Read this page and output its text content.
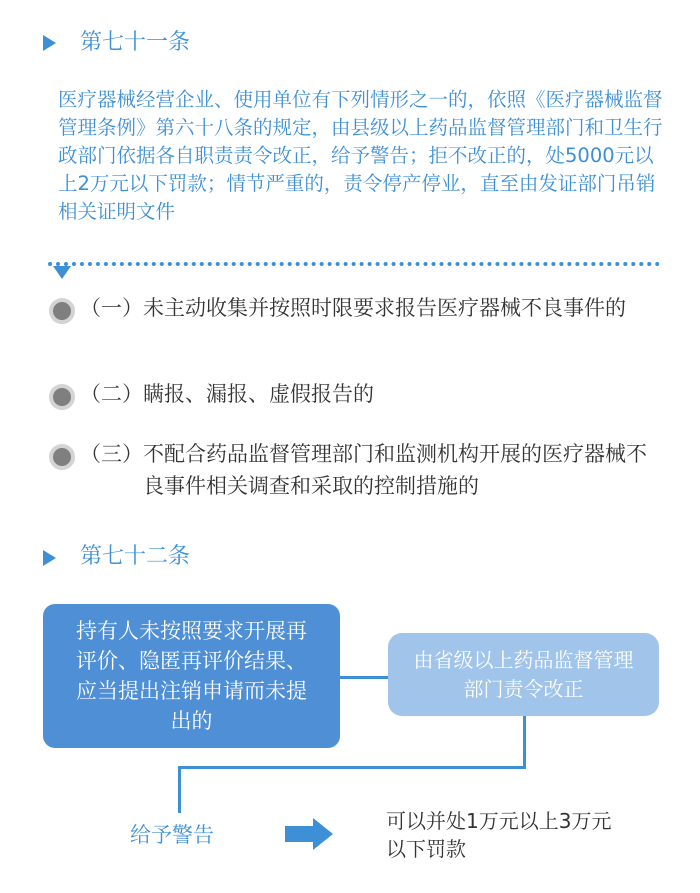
第七十一条
医疗器械经营企业、使用单位有下列情形之一的，依照《医疗器械监督管理条例》第六十八条的规定，由县级以上药品监督管理部门和卫生行政部门依据各自职责责令改正，给予警告；拒不改正的，处5000元以上2万元以下罚款；情节严重的，责令停产停业，直至由发证部门吊销相关证明文件
（一） 未主动收集并按照时限要求报告医疗器械不良事件的
（二） 瞒报、漏报、虚假报告的
（三） 不配合药品监督管理部门和监测机构开展的医疗器械不良事件相关调查和采取的控制措施的
第七十二条
持有人未按照要求开展再评价、隐匿再评价结果、应当提出注销申请而未提出的
由省级以上药品监督管理部门责令改正
给予警告
可以并处1万元以上3万元以下罚款
